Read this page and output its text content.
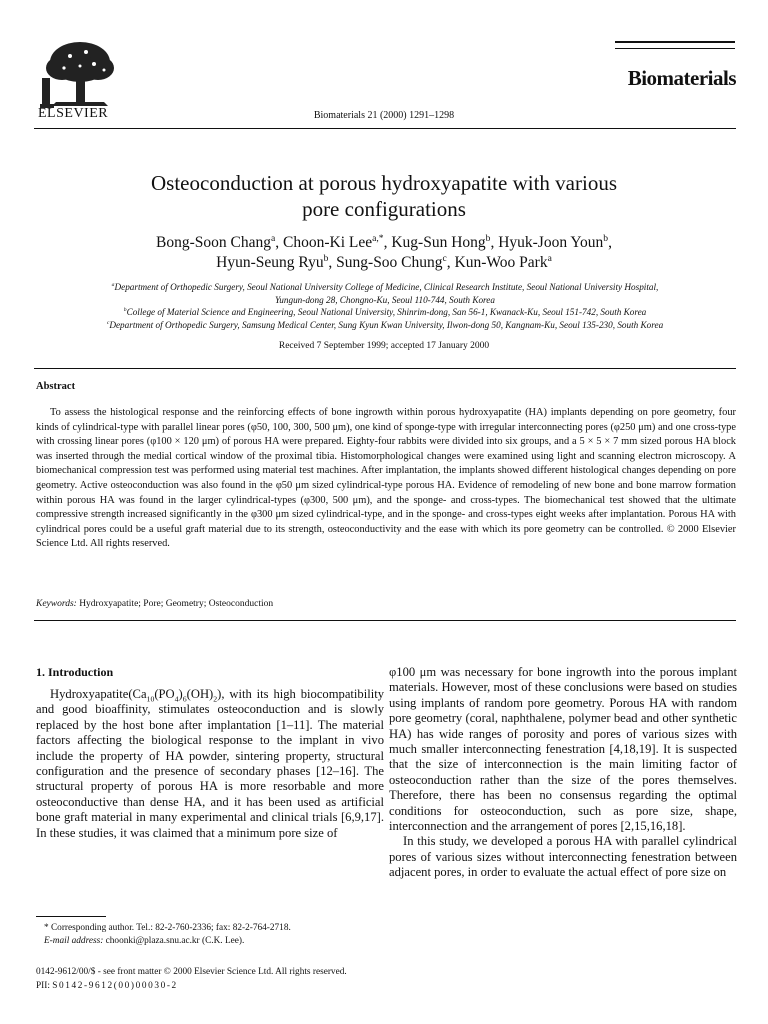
ELSEVIER	Biomaterials 21 (2000) 1291–1298
Biomaterials
Osteoconduction at porous hydroxyapatite with various
pore configurations
Bong-Soon Chang$^a$, Choon-Ki Lee$^{a,*}$, Kug-Sun Hong$^b$, Hyuk-Joon Youn$^b$,
Hyun-Seung Ryu$^b$, Sung-Soo Chung$^c$, Kun-Woo Park$^a$
$^a$Department of Orthopedic Surgery, Seoul National University College of Medicine, Clinical Research Institute, Seoul National University Hospital,
Yungun-dong 28, Chongno-Ku, Seoul 110-744, South Korea
$^b$College of Material Science and Engineering, Seoul National University, Shinrim-dong, San 56-1, Kwanack-Ku, Seoul 151-742, South Korea
$^c$Department of Orthopedic Surgery, Samsung Medical Center, Sung Kyun Kwan University, Ilwon-dong 50, Kangnam-Ku, Seoul 135-230, South Korea
Received 7 September 1999; accepted 17 January 2000
Abstract
To assess the histological response and the reinforcing effects of bone ingrowth within porous hydroxyapatite (HA) implants depending on pore geometry, four kinds of cylindrical-type with parallel linear pores (φ50, 100, 300, 500 μm), one kind of sponge-type with irregular interconnecting pores (φ250 μm) and one cross-type with crossing linear pores (φ100 × 120 μm) of porous HA were prepared. Eighty-four rabbits were divided into six groups, and a 5 × 5 × 7 mm sized porous HA block was inserted through the medial cortical window of the proximal tibia. Histomorphological changes were examined using light and scanning electron microscopy. A biomechanical compression test was performed using material test machines. After implantation, the implants showed different histological changes depending on pore geometry. Active osteoconduction was also found in the φ50 μm sized cylindrical-type porous HA. Evidence of remodeling of new bone and bone marrow formation within porous HA was found in the larger cylindrical-types (φ300, 500 μm), and the sponge- and cross-types. The biomechanical test showed that the ultimate compressive strength increased significantly in the φ300 μm sized cylindrical-type, and in the sponge- and cross-types eight weeks after implantation. Porous HA with cylindrical pores could be a useful graft material due to its strength, osteoconductivity and the ease with which its pore geometry can be controlled. © 2000 Elsevier Science Ltd. All rights reserved.
Keywords: Hydroxyapatite; Pore; Geometry; Osteoconduction
1. Introduction
$Hydroxyapatite(Ca_{10}(PO_4)_6(OH)_2)$, with its high biocompatibility and good bioaffinity, stimulates osteoconduction and is slowly replaced by the host bone after implantation [1–11]. The material factors affecting the biological response to the implant in vivo include the property of HA powder, sintering property, structural configuration and the presence of secondary phases [12–16]. The structural property of porous HA is more resorbable and more osteoconductive than dense HA, and it has been used as artificial bone graft material in many experimental and clinical trials [6,9,17]. In these studies, it was claimed that a minimum pore size of

φ100 μm was necessary for bone ingrowth into the porous implant materials. However, most of these conclusions were based on studies using implants of random pore geometry. Porous HA with random pore geometry (coral, naphthalene, polymer bead and other synthetic HA) has wide ranges of porosity and pores of various sizes with much smaller interconnecting fenestration [4,18,19]. It is suspected that the size of interconnection is the main limiting factor of osteoconduction rather than the size of the pores themselves. Therefore, there has been no consensus regarding the optimal conditions for osteoconduction, such as pore size, shape, interconnection and the arrangement of pores [2,15,16,18].

In this study, we developed a porous HA with parallel cylindrical pores of various sizes without interconnecting fenestration between adjacent pores, in order to evaluate the actual effect of pore size on

* Corresponding author. Tel.: 82-2-760-2336; fax: 82-2-764-2718.
E-mail address: choonki@plaza.snu.ac.kr (C.K. Lee).
0142-9612/00/$ - see front matter © 2000 Elsevier Science Ltd. All rights reserved.
PII: S0142-9612(00)00030-2
